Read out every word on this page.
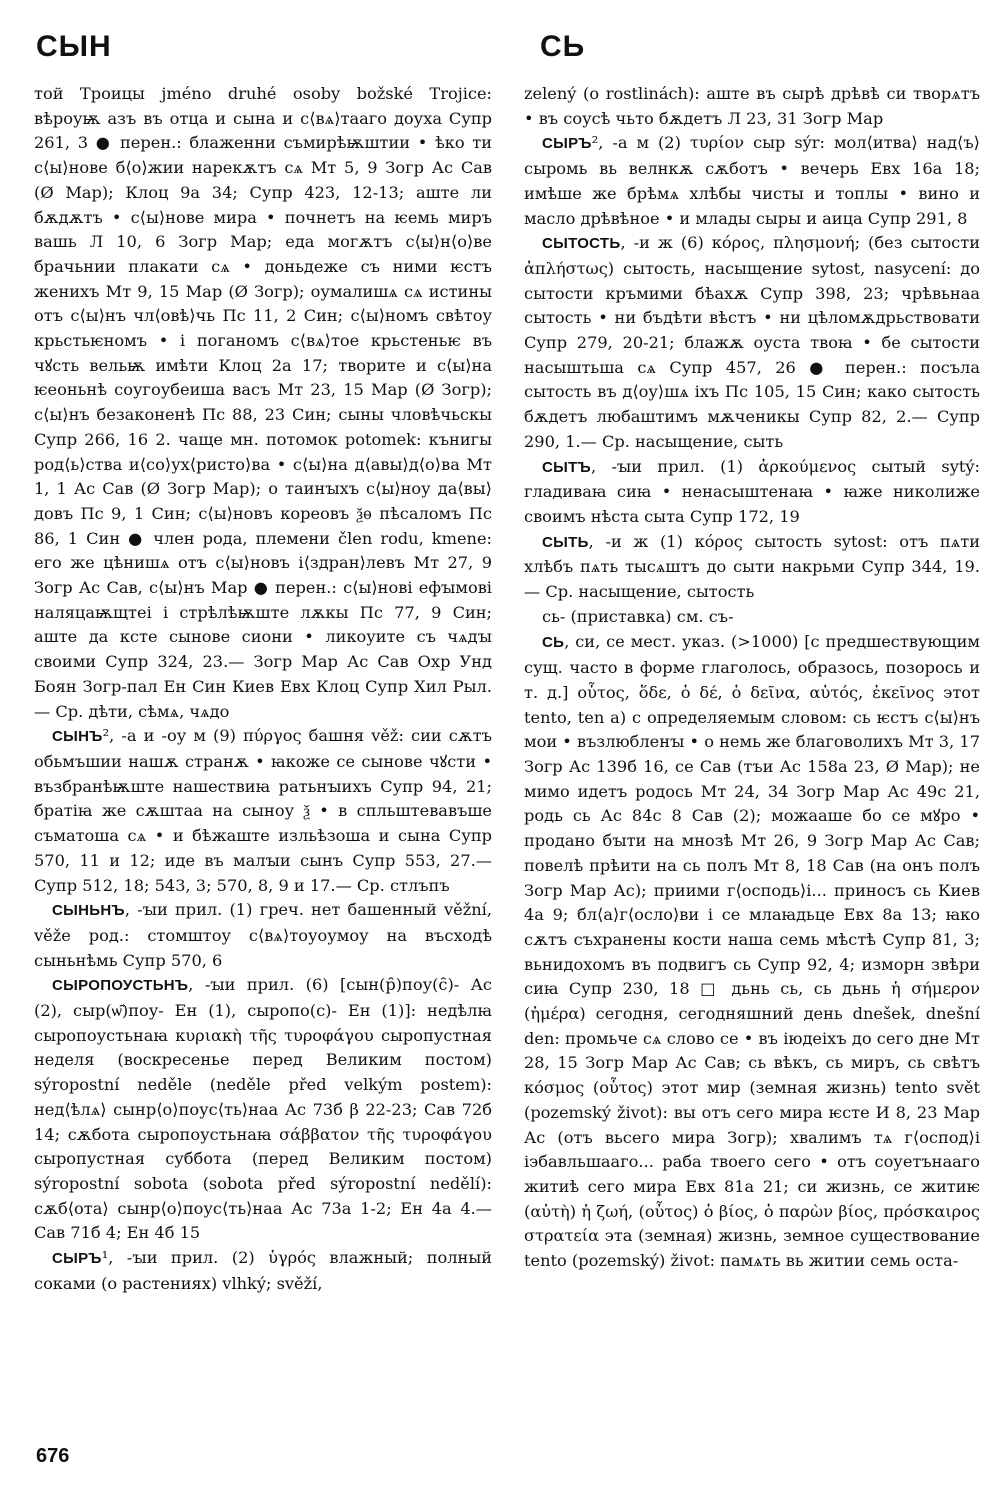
СЫН	СЬ

той Троицы jméno druhé osoby božské Trojice: вѣроуѭ азъ въ отца и сына и с⟨вѧ⟩таaго доуха Супр 261, 3 ● перен.: блаженни съмирѣѭштии • ѣко ти с⟨ы⟩нове б⟨о⟩жии нарекѫтъ сѧ Мт 5, 9 Зогр Ас Сав (Ø Мар); Клоц 9а 34; Супр 423, 12-13; аште ли бѫдѫтъ • с⟨ы⟩нове мира • почнетъ на ѥемь миръ вашь Л 10, 6 Зогр Мар; еда могѫтъ с⟨ы⟩н⟨о⟩ве брачьнии плакати сѧ • доньдеже съ ними ѥстъ женихъ Мт 9, 15 Мар (Ø Зогр); оумалишѧ сѧ истины отъ с⟨ы⟩нъ чл⟨овѣ⟩чь Пс 11, 2 Син; с⟨ы⟩номъ свѣтоу крьстьѥномъ • і поганомъ с⟨вѧ⟩тое крьстеньѥ въ чꙋсть вельѭ имѣти Клоц 2а 17; творите и с⟨ы⟩на ѥеоньнѣ соугоубеиша васъ Мт 23, 15 Мар (Ø Зогр); с⟨ы⟩нъ безаконенѣ Пс 88, 23 Син; сыны чловѣчьскы Супр 266, 16 2. чаще мн. потомок potomek: кънигы род⟨ь⟩ства и⟨со⟩ух⟨ристо⟩ва • с⟨ы⟩на д⟨авы⟩д⟨о⟩ва Мт 1, 1 Ас Сав (Ø Зогр Мар); о таинꙑхъ с⟨ы⟩ноу да⟨вы⟩довъ Пс 9, 1 Син; с⟨ы⟩новъ кореовъ ѯѳ пѣсаломъ Пс 86, 1 Син ● член рода, племени člen rodu, kmene: его же цѣнишѧ отъ с⟨ы⟩новъ і⟨здран⟩левъ Мт 27, 9 Зогр Ас Сав, с⟨ы⟩нъ Мар ● перен.: с⟨ы⟩нові ефꙑмовi наляцаѭщтеі і стрѣлѣѭште лѫкы Пс 77, 9 Син; аште да ксте сынове сиони • ликоуите съ чѧдꙑ своими Супр 324, 23.— Зогр Мар Ас Сав Охр Унд Боян Зогр-пал Ен Син Киев Евх Клоц Супр Хил Рыл.— Ср. дѣти, сѣмѧ, чѧдо

СЫНЪ², -а и -оу м (9) πύργος башня věž: сии сѫтъ обьмъшии нашѫ странѫ • ꙗкоже се сынове чꙋсти • възбранѣѭште нашествиꙗ ратьнꙑихъ Супр 94, 21; братiꙗ же сѫштаа на сыноу ѯ • в спльштевавъше съматоша сѧ • и бѣжаште изльѣзоша и сына Супр 570, 11 и 12; иде въ малꙑи сынъ Супр 553, 27.— Супр 512, 18; 543, 3; 570, 8, 9 и 17.— Ср. стлъпъ

СЫНЬНЪ, -ꙑи прил. (1) греч. нет башенный věžní, věže род.: стомштоу с⟨вѧ⟩тоуоумоу на въсходѣ сыньнѣмь Супр 570, 6

СЫРОПОУСТЬНЪ, -ꙑи прил. (6) [сын(р̑)поу(с̑)- Ас (2), сыр(ѡ̑)поу- Ен (1), сыропо(с)- Ен (1)]: недѣлꙗ сыропоустьнаꙗ κυριακὴ τῆς τυροφάγου сыропустная неделя (воскресенье перед Великим постом) sýropostní neděle (neděle před velkým postem): нед⟨ѣлѧ⟩ сынр⟨о⟩поус⟨ть⟩наа Ас 73б β 22-23; Сав 72б 14; сѫбота сыропоустьнаꙗ σάββατον τῆς τυροφάγου сыропустная суббота (перед Великим постом) sýropostní sobota (sobota před sýropostní nedělí): сѫб⟨ота⟩ сынр⟨о⟩поус⟨ть⟩наа Ас 73а 1-2; Ен 4а 4.— Сав 71б 4; Ен 4б 15

СЫРЪ¹, -ꙑи прил. (2) ὑγρός влажный; полный соками (о растениях) vlhký; svěží,

zelený (o rostlinách): аште въ сырѣ дрѣвѣ си творѧтъ • въ соусѣ чьто бѫдетъ Л 23, 31 Зогр Мар

СЫРЪ², -а м (2) τυρίον сыр sýr: мол⟨итва⟩ над⟨ъ⟩ сыромь вь велнкѫ сѫботъ • вечерь Евх 16а 18; имѣше же брѣмѧ хлѣбы чисты и топлы • вино и масло дрѣвѣное • и млады сыры и аица Супр 291, 8

СЫТОСТЬ, -и ж (6) κόρος, πλησμονή; (без сытости ἀπλήστως) сытость, насыщение sytost, nasycení: до сытости кръмими бѣахѫ Супр 398, 23; чрѣвьнаа сытость • ни бъдѣти вѣстъ • ни цѣломѫдрьствовати Супр 279, 20-21; блажѫ оуста твоꙗ • бе сытости насыштьша сѧ Супр 457, 26 ● перен.: посъла сытость въ д⟨оу⟩шѧ іхъ Пс 105, 15 Син; како сытость бѫдетъ любаштимъ мѫченикы Супр 82, 2.— Супр 290, 1.— Ср. насыщение, сыть

СЫТЪ, -ꙑи прил. (1) ἀρκούμενος сытый sytý: гладиваꙗ сиꙗ • ненасыштенаꙗ • ꙗже николиже своимъ нѣста сыта Супр 172, 19

СЫТЬ, -и ж (1) κόρος сытость sytost: отъ пѧти хлѣбъ пѧть тысѧштъ до сыти накрьми Супр 344, 19.— Ср. насыщение, сытость

сь- (приставка) см. съ-

СЬ, си, се мест. указ. (>1000) [с предшествующим сущ. часто в форме глаголось, образось, позорось и т. д.] οὗτος, ὅδε, ὁ δέ, ὁ δεῖνα, αὐτός, ἐκεῖνος этот tento, ten а) с определяемым словом: сь ѥстъ с⟨ы⟩нъ мои • възлюбленꙑ • о немь же благоволихъ Мт 3, 17 Зогр Ас 139б 16, се Сав (тъи Ас 158а 23, Ø Мар); не мимо идетъ родось Мт 24, 34 Зогр Мар Ас 49с 21, родь сь Ас 84с 8 Сав (2); можааше бо се мꙋро • продано бꙑти на мнозѣ Мт 26, 9 Зогр Мар Ас Сав; повелѣ прѣити на сь полъ Мт 8, 18 Сав (на онъ полъ Зогр Мар Ас); приими г⟨осподь⟩і... приносъ сь Киев 4а 9; бл⟨а⟩г⟨осло⟩ви і се млаꙗдьце Евх 8а 13; ꙗко сѫтъ съхранены кости наша семь мѣстѣ Супр 81, 3; вьнидохомъ въ подвигъ сь Супр 92, 4; изморн звѣри сиꙗ Супр 230, 18 □ дьнь сь, сь дьнь ἡ σήμερον (ἡμέρα) сегодня, сегодняшний день dnešek, dnešní den: промьче сѧ слово се • въ іюдеіхъ до сего дне Мт 28, 15 Зогр Мар Ас Сав; сь вѣкъ, сь миръ, сь свѣтъ κόσμος (οὗτος) этот мир (земная жизнь) tento svět (pozemský život): вы отъ сего мира ѥсте И 8, 23 Мар Ас (отъ вьсего мира Зогр); хвалимъ тѧ г⟨оспод⟩і іэбавльшааго... раба твоего сего • отъ соуетънааго житиѣ сего мира Евх 81а 21; си жизнь, се житиѥ (αὐτὴ) ἡ ζωή, (οὗτος) ὁ βίος, ὁ παρὼν βίος, πρόσκαιρος στρατεία эта (земная) жизнь, земное существование tento (pozemský) život: памѧть вь житии семь оста-

676
